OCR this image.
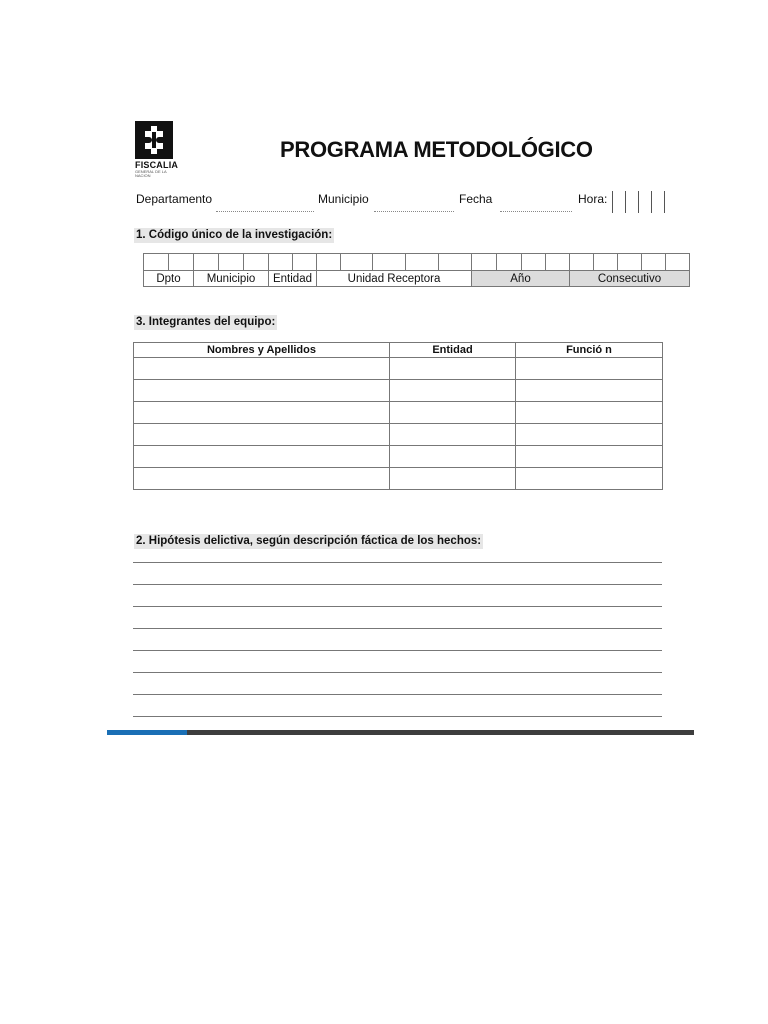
FISCALIA
GENERAL DE LA NACION
PROGRAMA METODOLÓGICO
Departamento	Municipio	Fecha	Hora:
1. Código único de la investigación:

Dpto		Municipio			Entidad		Unidad Receptora					Año				Consecutivo				
3. Integrantes del equipo:
Nombres y Apellidos	Entidad	Funció n

2. Hipótesis delictiva, según descripción fáctica de los hechos:
